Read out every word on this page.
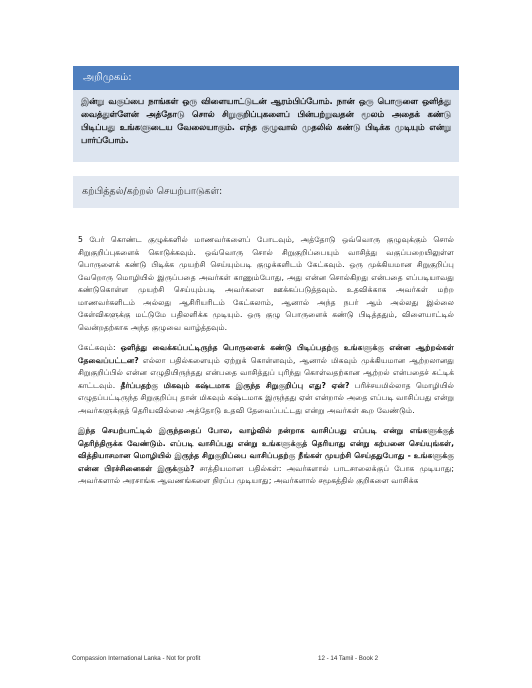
அறிமுகம்:
இன்று வகுப்பை நாங்கள் ஒரு விளையாட்டுடன் ஆரம்பிப்போம். நான் ஒரு பொருளை ஒளித்து வைத்துள்ளேன் அத்தோடு சொல் சிறுகுறிப்புகளைப் பின்பற்றுவதன் மூலம் அதைக் கண்டு பிடிப்பது உங்களுடைய வேலையாகும். எந்த குழுவால் முதலில் கண்டு பிடிக்க முடியும் என்று பார்ப்போம்.
கற்பித்தல்/கற்றல் செயற்பாடுகள்:

5 பேர் கொண்ட குழுக்களில் மாணவர்களைப் போடவும், அத்தோடு ஒவ்வொரு குழுவுக்கும் சொல் சிறுகுறிப்புகளைக் கொடுக்கவும். ஒவ்வொரு சொல் சிறுகுறிப்பையும் வாசித்து வகுப்பறையிலுள்ள பொருளைக் கண்டு பிடிக்க முயற்சி செய்யும்படி குழுக்களிடம் கேட்கவும். ஒரு முக்கியமான சிறுகுறிப்பு வேறொரு மொழியில் இருப்பதை அவர்கள் காணும்போது, அது என்ன சொல்கிறது என்பதை எப்படியாவது கண்டுகொள்ள முயற்சி செய்யும்படி அவர்களை ஊக்கப்படுத்தவும். உதவிக்காக அவர்கள் மற்ற மாணவர்களிடம் அல்லது ஆசிரியரிடம் கேட்கலாம், ஆனால் அந்த நபர் ஆம் அல்லது இல்லை கேள்விகளுக்கு மட்டுமே பதிலளிக்க முடியும். ஒரு குழு பொருளைக் கண்டு பிடித்ததும், விளையாட்டில் வென்றதற்காக அந்த குழுவை வாழ்த்தவும்.

கேட்கவும்: ஒளித்து வைக்கப்பட்டிருந்த பொருளைக் கண்டு பிடிப்பதற்கு உங்களுக்கு என்ன ஆற்றல்கள் தேவைப்பட்டன? எல்லா பதில்களையும் ஏற்றுக் கொள்ளவும், ஆனால் மிகவும் முக்கியமான ஆற்றலானது சிறுகுறிப்பில் என்ன எழுதியிருந்தது என்பதை வாசித்துப் புரிந்து கொள்வதற்கான ஆற்றல் என்பதைச் சுட்டிக் காட்டவும். தீர்ப்பதற்கு மிகவும் கஷ்டமாக இருந்த சிறுகுறிப்பு எது? ஏன்? பரிச்சயமில்லாத மொழியில் எழுதப்பட்டிருந்த சிறுகுறிப்பு தான் மிகவும் கஷ்டமாக இருந்தது ஏன் என்றால் அதை எப்படி வாசிப்பது என்று அவர்களுக்குத் தெரியவில்லை அத்தோடு உதவி தேவைப்பட்டது என்று அவர்கள் கூற வேண்டும்.

இந்த செயற்பாட்டில் இருந்ததைப் போல, வாழ்வில் நன்றாக வாசிப்பது எப்படி என்று எங்களுக்குத் தெரிந்திருக்க வேண்டும். எப்படி வாசிப்பது என்று உங்களுக்குத் தெரியாது என்று கற்பனை செய்யுங்கள், வித்தியாசமான மொழியில் இருந்த சிறுகுறிப்பை வாசிப்பதற்கு நீங்கள் முயற்சி செய்ததுபோது - உங்களுக்கு என்ன பிரச்சினைகள் இருக்கும்? சாத்தியமான பதில்கள்: அவர்களால் பாடசாலைக்குப் போக முடியாது; அவர்களால் அரசாங்க ஆவணங்களை நிரப்ப முடியாது; அவர்களால் சமூகத்தில் குறிகளை வாசிக்க

Compassion International Lanka - Not for profit	12 - 14 Tamil - Book 2
